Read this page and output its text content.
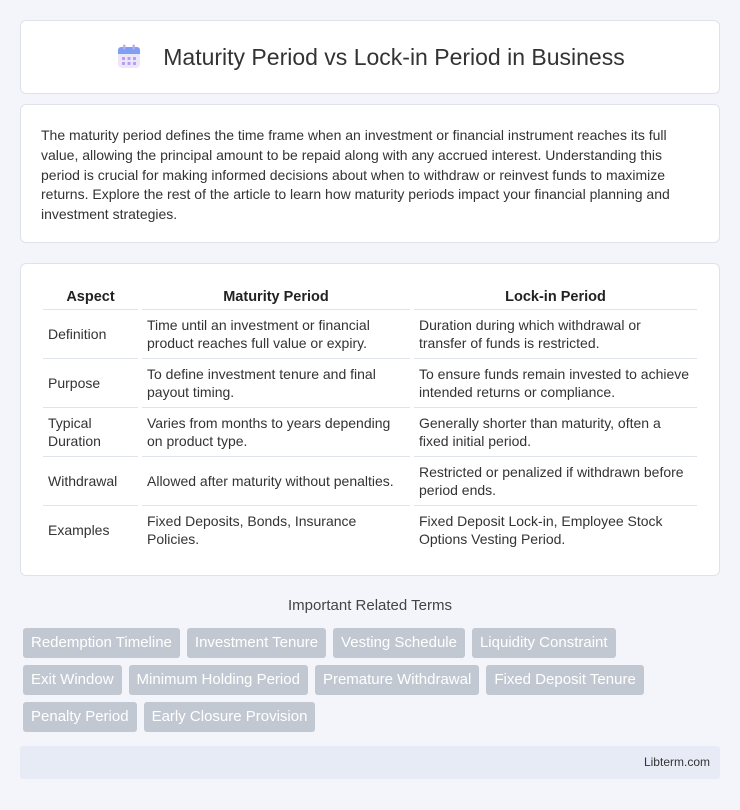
Maturity Period vs Lock-in Period in Business

The maturity period defines the time frame when an investment or financial instrument reaches its full value, allowing the principal amount to be repaid along with any accrued interest. Understanding this period is crucial for making informed decisions about when to withdraw or reinvest funds to maximize returns. Explore the rest of the article to learn how maturity periods impact your financial planning and investment strategies.

Aspect		Maturity Period		Lock-in Period
Definition		Time until an investment or financial product reaches full value or expiry.		Duration during which withdrawal or transfer of funds is restricted.
Purpose		To define investment tenure and final payout timing.		To ensure funds remain invested to achieve intended returns or compliance.
Typical Duration		Varies from months to years depending on product type.		Generally shorter than maturity, often a fixed initial period.
Withdrawal		Allowed after maturity without penalties.		Restricted or penalized if withdrawn before period ends.
Examples		Fixed Deposits, Bonds, Insurance Policies.		Fixed Deposit Lock-in, Employee Stock Options Vesting Period.
Important Related Terms
Redemption Timeline	Investment Tenure	Vesting Schedule	Liquidity Constraint
Exit Window	Minimum Holding Period	Premature Withdrawal	Fixed Deposit Tenure
Penalty Period	Early Closure Provision
Libterm.com
